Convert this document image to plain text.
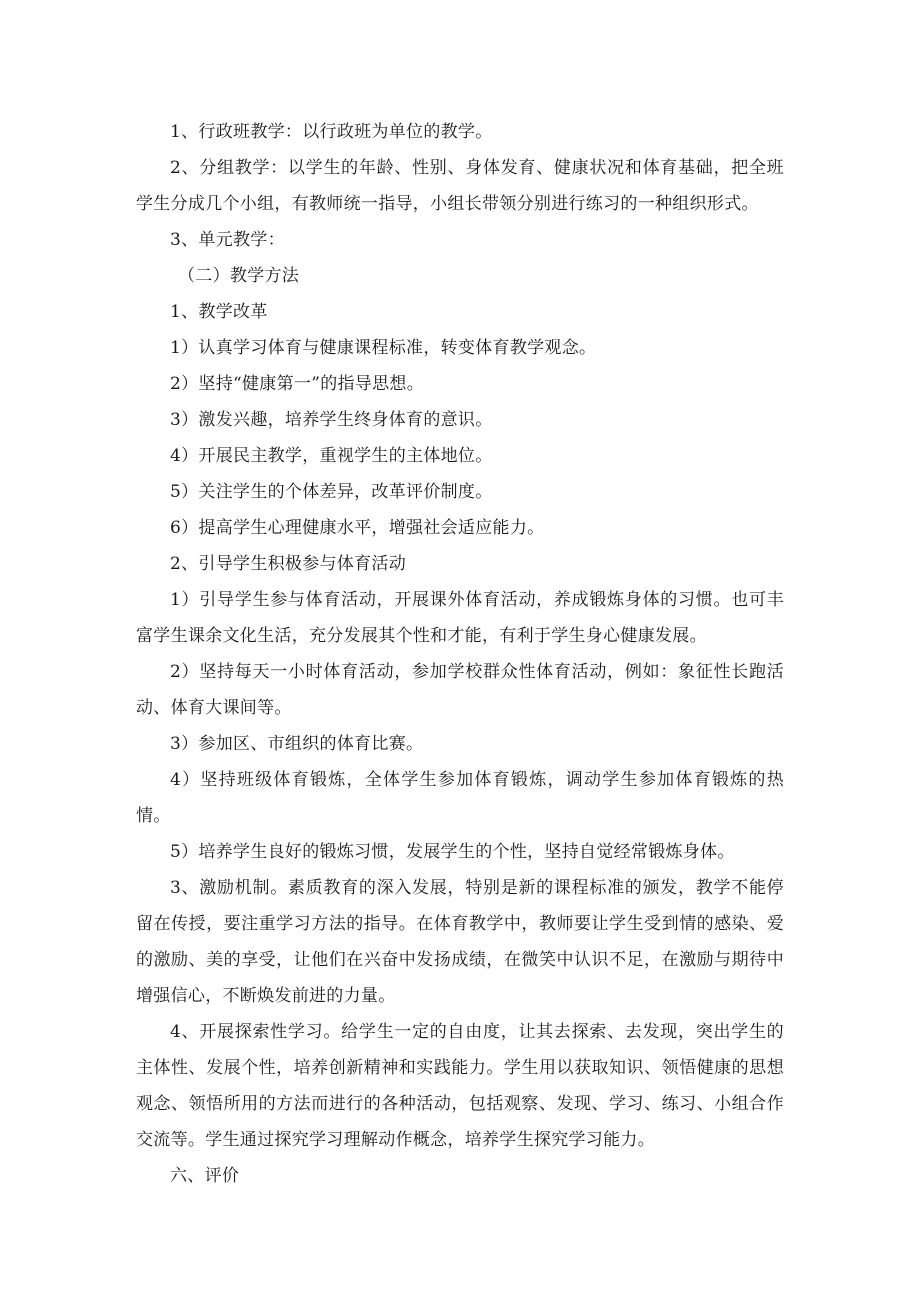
1、行政班教学：以行政班为单位的教学。

2、分组教学：以学生的年龄、性别、身体发育、健康状况和体育基础，把全班学生分成几个小组，有教师统一指导，小组长带领分别进行练习的一种组织形式。

3、单元教学：

（二）教学方法

1、教学改革

1）认真学习体育与健康课程标准，转变体育教学观念。

2）坚持“健康第一”的指导思想。

3）激发兴趣，培养学生终身体育的意识。

4）开展民主教学，重视学生的主体地位。

5）关注学生的个体差异，改革评价制度。

6）提高学生心理健康水平，增强社会适应能力。

2、引导学生积极参与体育活动

1）引导学生参与体育活动，开展课外体育活动，养成锻炼身体的习惯。也可丰富学生课余文化生活，充分发展其个性和才能，有利于学生身心健康发展。

2）坚持每天一小时体育活动，参加学校群众性体育活动，例如：象征性长跑活动、体育大课间等。

3）参加区、市组织的体育比赛。

4）坚持班级体育锻炼，全体学生参加体育锻炼，调动学生参加体育锻炼的热情。

5）培养学生良好的锻炼习惯，发展学生的个性，坚持自觉经常锻炼身体。

3、激励机制。素质教育的深入发展，特别是新的课程标准的颁发，教学不能停留在传授，要注重学习方法的指导。在体育教学中，教师要让学生受到情的感染、爱的激励、美的享受，让他们在兴奋中发扬成绩，在微笑中认识不足，在激励与期待中增强信心，不断焕发前进的力量。

4、开展探索性学习。给学生一定的自由度，让其去探索、去发现，突出学生的主体性、发展个性，培养创新精神和实践能力。学生用以获取知识、领悟健康的思想观念、领悟所用的方法而进行的各种活动，包括观察、发现、学习、练习、小组合作交流等。学生通过探究学习理解动作概念，培养学生探究学习能力。

六、评价
